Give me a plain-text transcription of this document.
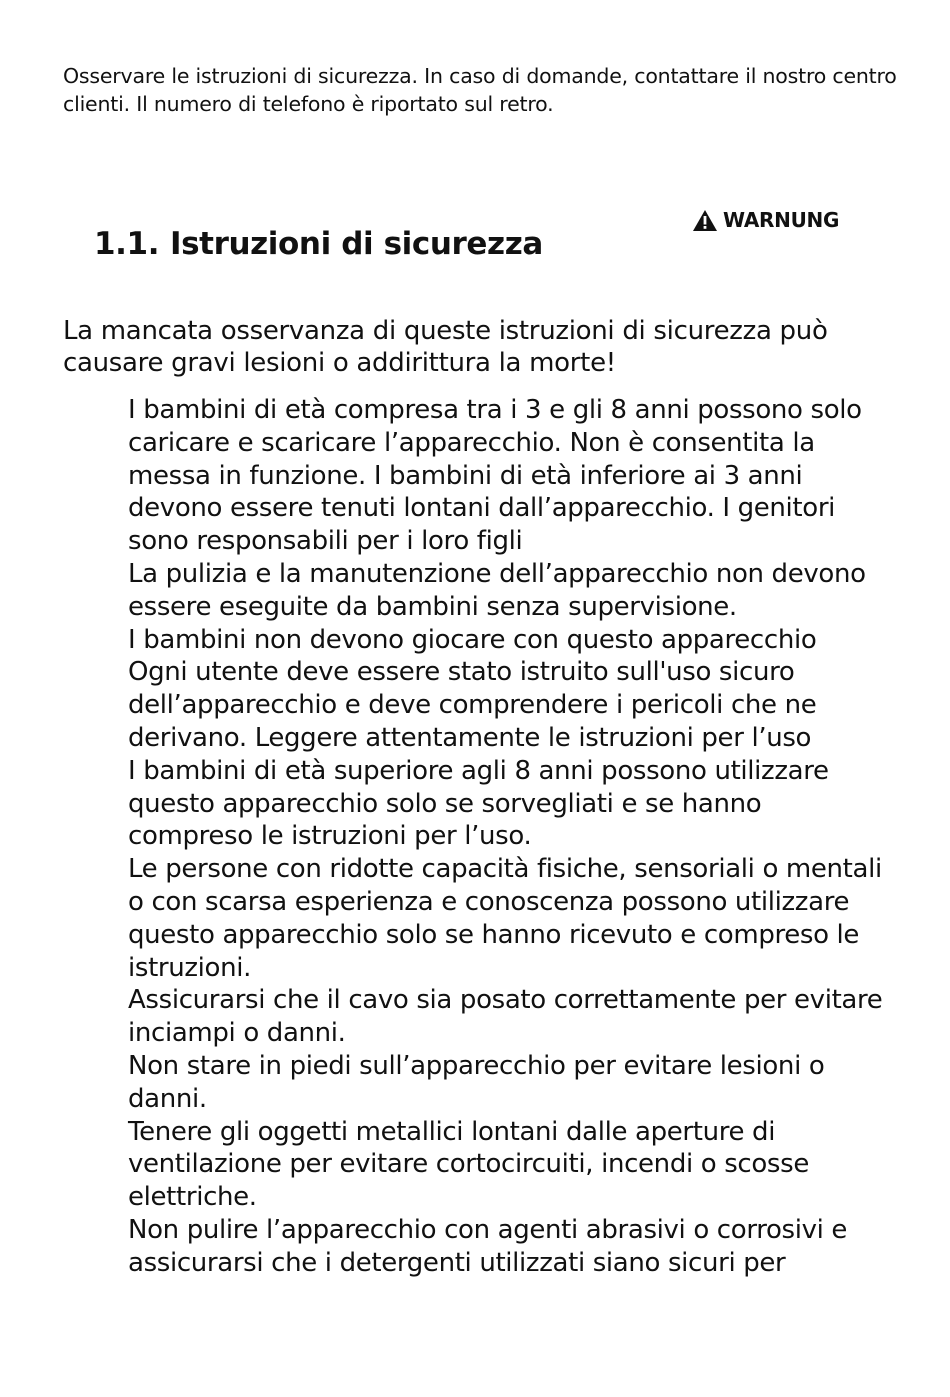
Osservare le istruzioni di sicurezza. In caso di domande, contattare il nostro centro clienti. Il numero di telefono è riportato sul retro.

WARNUNG
1.1. Istruzioni di sicurezza

La mancata osservanza di queste istruzioni di sicurezza può causare gravi lesioni o addirittura la morte!

I bambini di età compresa tra i 3 e gli 8 anni possono solo caricare e scaricare l’apparecchio. Non è consentita la messa in funzione. I bambini di età inferiore ai 3 anni devono essere tenuti lontani dall’apparecchio. I genitori sono responsabili per i loro figli
La pulizia e la manutenzione dell’apparecchio non devono essere eseguite da bambini senza supervisione.
I bambini non devono giocare con questo apparecchio
Ogni utente deve essere stato istruito sull'uso sicuro dell’apparecchio e deve comprendere i pericoli che ne derivano. Leggere attentamente le istruzioni per l’uso
I bambini di età superiore agli 8 anni possono utilizzare questo apparecchio solo se sorvegliati e se hanno compreso le istruzioni per l’uso.
Le persone con ridotte capacità fisiche, sensoriali o mentali o con scarsa esperienza e conoscenza possono utilizzare questo apparecchio solo se hanno ricevuto e compreso le istruzioni.
Assicurarsi che il cavo sia posato correttamente per evitare inciampi o danni.
Non stare in piedi sull’apparecchio per evitare lesioni o danni.
Tenere gli oggetti metallici lontani dalle aperture di ventilazione per evitare cortocircuiti, incendi o scosse elettriche.
Non pulire l’apparecchio con agenti abrasivi o corrosivi e assicurarsi che i detergenti utilizzati siano sicuri per
